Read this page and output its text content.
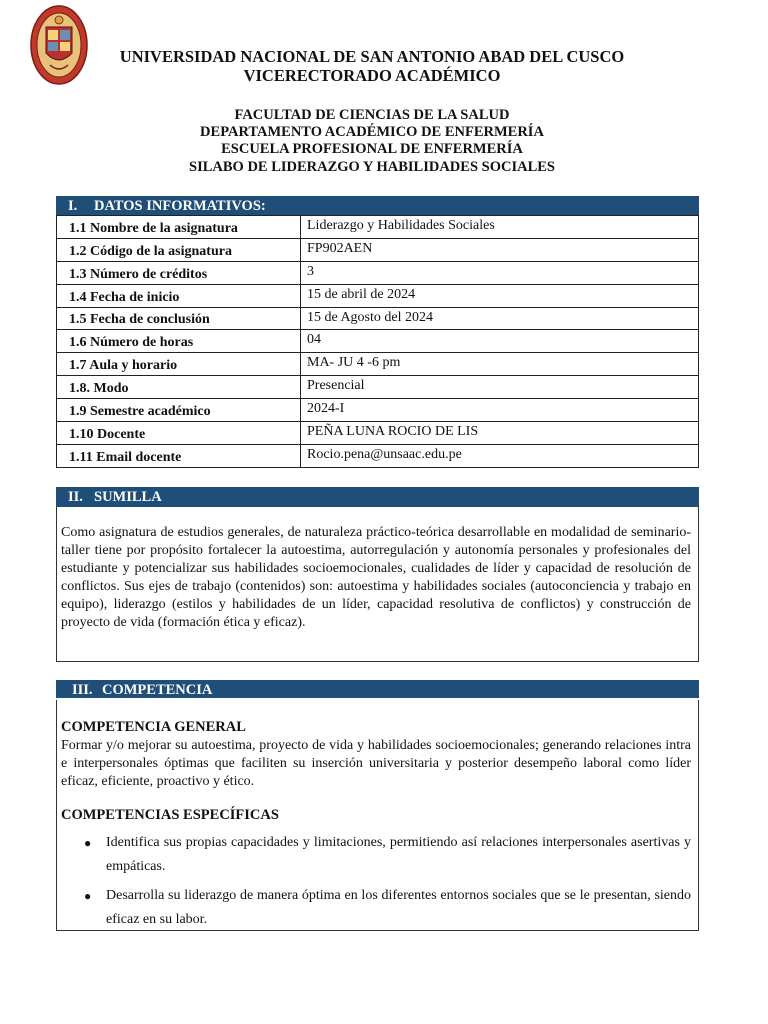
UNIVERSIDAD NACIONAL DE SAN ANTONIO ABAD DEL CUSCO
VICERECTORADO ACADÉMICO
FACULTAD DE CIENCIAS DE LA SALUD
DEPARTAMENTO ACADÉMICO DE ENFERMERÍA
ESCUELA PROFESIONAL DE ENFERMERÍA
SILABO DE LIDERAZGO Y HABILIDADES SOCIALES
I. DATOS INFORMATIVOS:
1.1 Nombre de la asignatura	Liderazgo y Habilidades Sociales
1.2 Código de la asignatura	FP902AEN
1.3 Número de créditos	3
1.4 Fecha de inicio	15 de abril de 2024
1.5 Fecha de conclusión	15 de Agosto del 2024
1.6 Número de horas	04
1.7 Aula y horario	MA- JU 4 -6 pm
1.8. Modo	Presencial
1.9 Semestre académico	2024-I
1.10 Docente	PEÑA LUNA ROCIO DE LIS
1.11 Email docente	Rocio.pena@unsaac.edu.pe
II. SUMILLA
Como asignatura de estudios generales, de naturaleza práctico-teórica desarrollable en modalidad de seminario- taller tiene por propósito fortalecer la autoestima, autorregulación y autonomía personales y profesionales del estudiante y potencializar sus habilidades socioemocionales, cualidades de líder y capacidad de resolución de conflictos. Sus ejes de trabajo (contenidos) son: autoestima y habilidades sociales (autoconciencia y trabajo en equipo), liderazgo (estilos y habilidades de un líder, capacidad resolutiva de conflictos) y construcción de proyecto de vida (formación ética y eficaz).
III. COMPETENCIA
COMPETENCIA GENERAL
Formar y/o mejorar su autoestima, proyecto de vida y habilidades socioemocionales; generando relaciones intra e interpersonales óptimas que faciliten su inserción universitaria y posterior desempeño laboral como líder eficaz, eficiente, proactivo y ético.
COMPETENCIAS ESPECÍFICAS
● Identifica sus propias capacidades y limitaciones, permitiendo así relaciones interpersonales asertivas y empáticas.
● Desarrolla su liderazgo de manera óptima en los diferentes entornos sociales que se le presentan, siendo eficaz en su labor.
